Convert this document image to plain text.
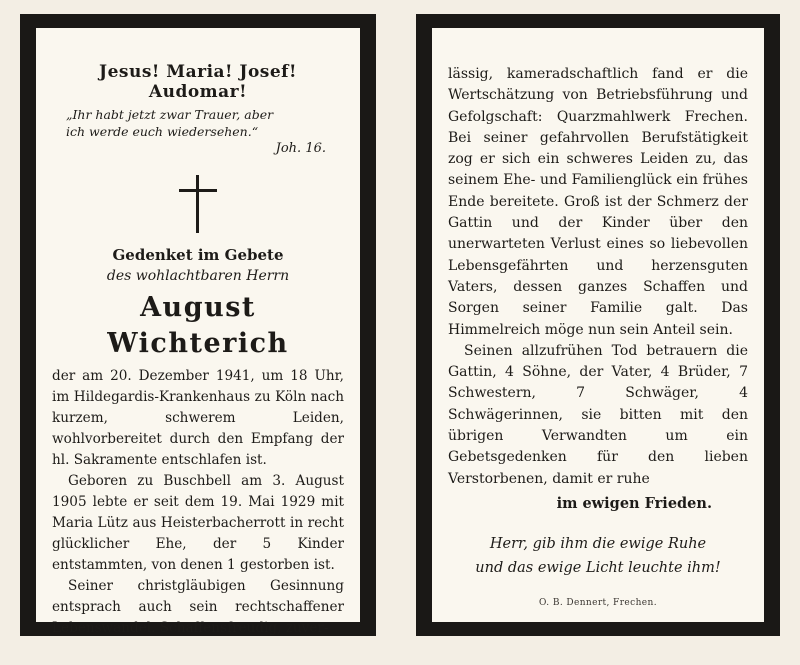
Jesus! Maria! Josef! Audomar!

„Ihr habt jetzt zwar Trauer, aber
ich werde euch wiedersehen.“
Joh. 16.
Gedenket im Gebete
des wohlachtbaren Herrn
August Wichterich

der am 20. Dezember 1941, um 18 Uhr, im Hildegardis-Krankenhaus zu Köln nach kurzem, schwerem Leiden, wohlvorbereitet durch den Empfang der hl. Sakramente entschlafen ist.

Geboren zu Buschbell am 3. August 1905 lebte er seit dem 19. Mai 1929 mit Maria Lütz aus Heisterbacherrott in recht glücklicher Ehe, der 5 Kinder entstammten, von denen 1 gestorben ist.

Seiner christgläubigen Gesinnung entsprach auch sein rechtschaffener Lebenswandel. Schaffensfreudig, zuver-

lässig, kameradschaftlich fand er die Wertschätzung von Betriebsführung und Gefolgschaft: Quarzmahlwerk Frechen. Bei seiner gefahrvollen Berufstätigkeit zog er sich ein schweres Leiden zu, das seinem Ehe- und Familienglück ein frühes Ende bereitete. Groß ist der Schmerz der Gattin und der Kinder über den unerwarteten Verlust eines so liebevollen Lebensgefährten und herzensguten Vaters, dessen ganzes Schaffen und Sorgen seiner Familie galt. Das Himmelreich möge nun sein Anteil sein.

Seinen allzufrühen Tod betrauern die Gattin, 4 Söhne, der Vater, 4 Brüder, 7 Schwestern, 7 Schwäger, 4 Schwägerinnen, sie bitten mit den übrigen Verwandten um ein Gebetsgedenken für den lieben Verstorbenen, damit er ruhe

im ewigen Frieden.
Herr, gib ihm die ewige Ruhe
und das ewige Licht leuchte ihm!
O. B. Dennert, Frechen.
